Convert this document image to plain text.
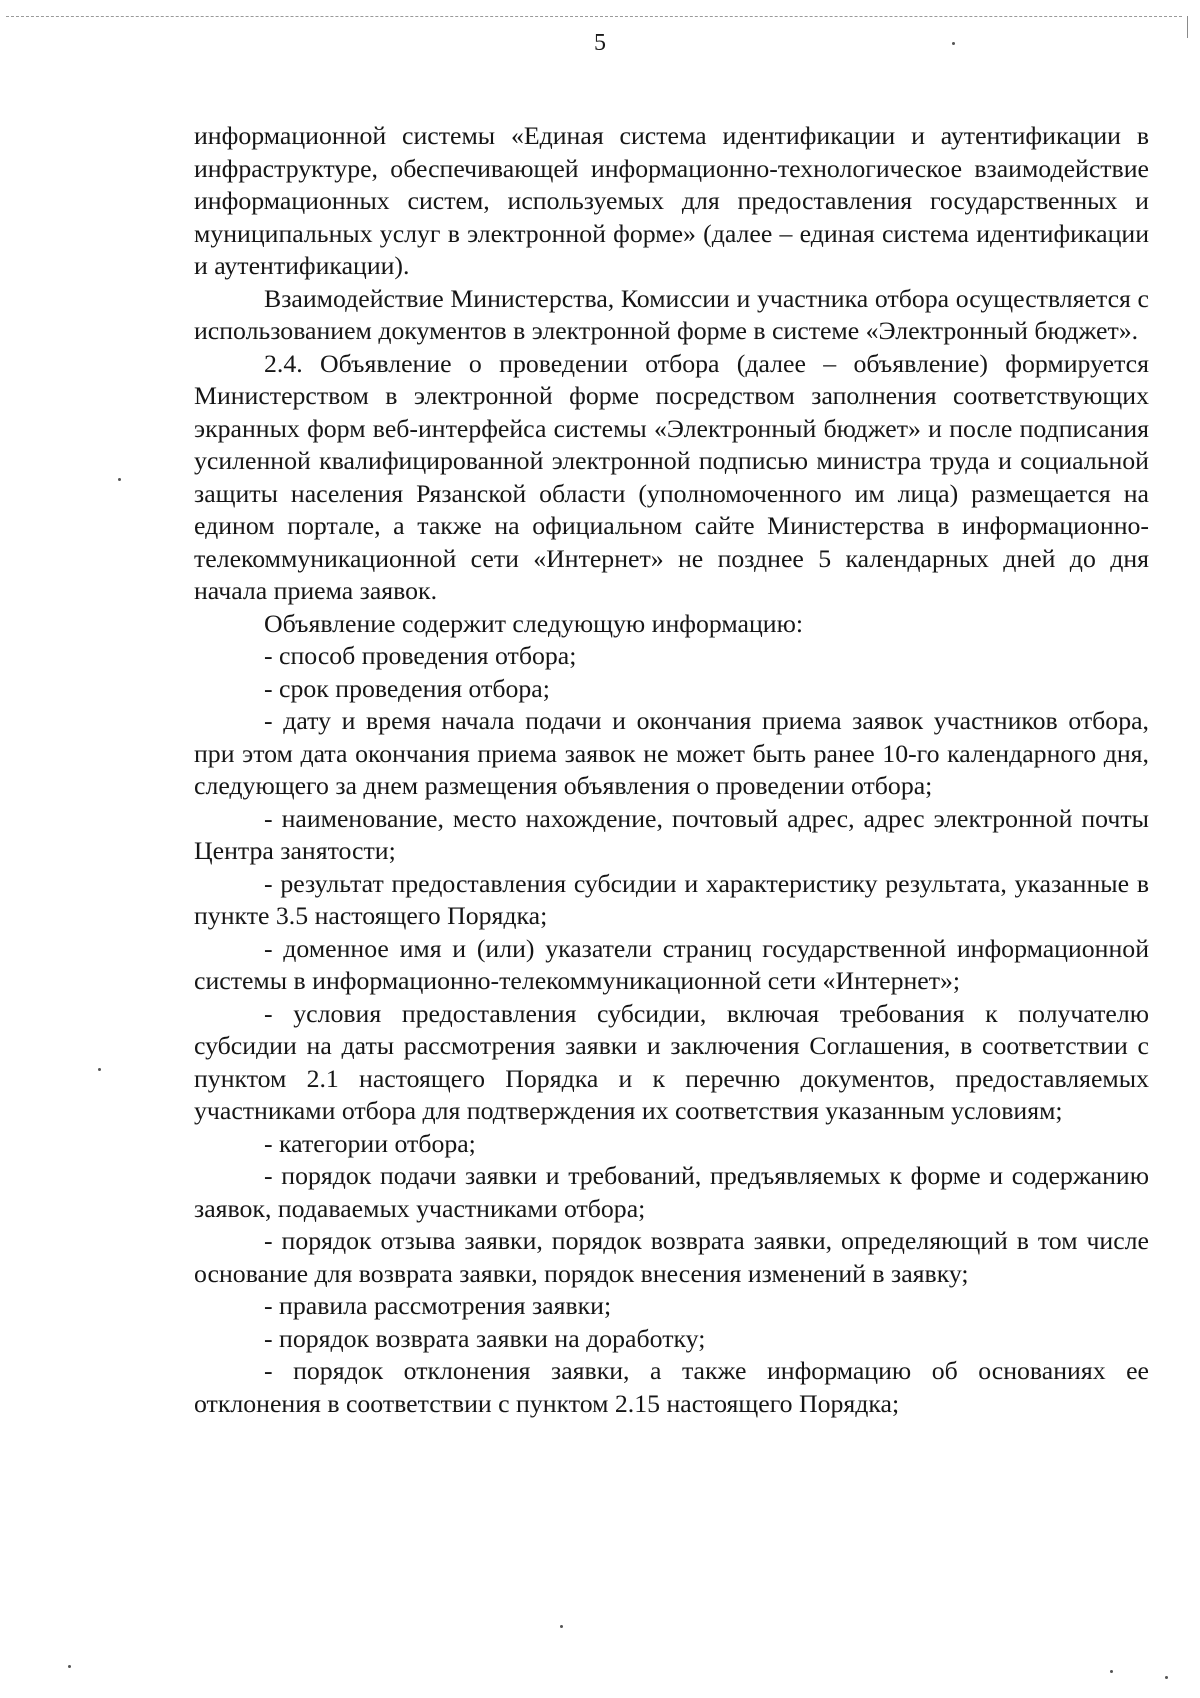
5

информационной системы «Единая система идентификации и аутентификации в инфраструктуре, обеспечивающей информационно-технологическое взаимодействие информационных систем, используемых для предоставления государственных и муниципальных услуг в электронной форме» (далее – единая система идентификации и аутентификации).

Взаимодействие Министерства, Комиссии и участника отбора осуществляется с использованием документов в электронной форме в системе «Электронный бюджет».

2.4. Объявление о проведении отбора (далее – объявление) формируется Министерством в электронной форме посредством заполнения соответствующих экранных форм веб-интерфейса системы «Электронный бюджет» и после подписания усиленной квалифицированной электронной подписью министра труда и социальной защиты населения Рязанской области (уполномоченного им лица) размещается на едином портале, а также на официальном сайте Министерства в информационно-телекоммуникационной сети «Интернет» не позднее 5 календарных дней до дня начала приема заявок.

Объявление содержит следующую информацию:

- способ проведения отбора;

- срок проведения отбора;

- дату и время начала подачи и окончания приема заявок участников отбора, при этом дата окончания приема заявок не может быть ранее 10-го календарного дня, следующего за днем размещения объявления о проведении отбора;

- наименование, место нахождение, почтовый адрес, адрес электронной почты Центра занятости;

- результат предоставления субсидии и характеристику результата, указанные в пункте 3.5 настоящего Порядка;

- доменное имя и (или) указатели страниц государственной информационной системы в информационно-телекоммуникационной сети «Интернет»;

- условия предоставления субсидии, включая требования к получателю субсидии на даты рассмотрения заявки и заключения Соглашения, в соответствии с пунктом 2.1 настоящего Порядка и к перечню документов, предоставляемых участниками отбора для подтверждения их соответствия указанным условиям;

- категории отбора;

- порядок подачи заявки и требований, предъявляемых к форме и содержанию заявок, подаваемых участниками отбора;

- порядок отзыва заявки, порядок возврата заявки, определяющий в том числе основание для возврата заявки, порядок внесения изменений в заявку;

- правила рассмотрения заявки;

- порядок возврата заявки на доработку;

- порядок отклонения заявки, а также информацию об основаниях ее отклонения в соответствии с пунктом 2.15 настоящего Порядка;
